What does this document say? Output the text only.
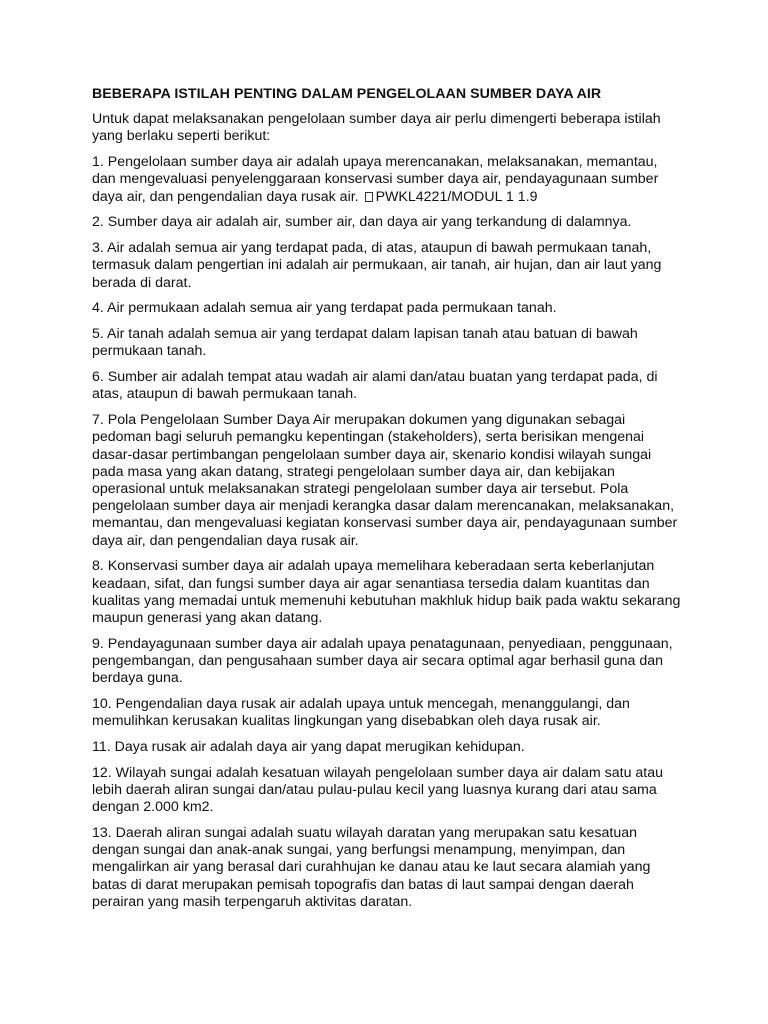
BEBERAPA ISTILAH PENTING DALAM PENGELOLAAN SUMBER DAYA AIR

Untuk dapat melaksanakan pengelolaan sumber daya air perlu dimengerti beberapa istilah yang berlaku seperti berikut:

1. Pengelolaan sumber daya air adalah upaya merencanakan, melaksanakan, memantau, dan mengevaluasi penyelenggaraan konservasi sumber daya air, pendayagunaan sumber daya air, dan pengendalian daya rusak air. PWKL4221/MODUL 1 1.9

2. Sumber daya air adalah air, sumber air, dan daya air yang terkandung di dalamnya.

3. Air adalah semua air yang terdapat pada, di atas, ataupun di bawah permukaan tanah, termasuk dalam pengertian ini adalah air permukaan, air tanah, air hujan, dan air laut yang berada di darat.

4. Air permukaan adalah semua air yang terdapat pada permukaan tanah.

5. Air tanah adalah semua air yang terdapat dalam lapisan tanah atau batuan di bawah permukaan tanah.

6. Sumber air adalah tempat atau wadah air alami dan/atau buatan yang terdapat pada, di atas, ataupun di bawah permukaan tanah.

7. Pola Pengelolaan Sumber Daya Air merupakan dokumen yang digunakan sebagai pedoman bagi seluruh pemangku kepentingan (stakeholders), serta berisikan mengenai dasar-dasar pertimbangan pengelolaan sumber daya air, skenario kondisi wilayah sungai pada masa yang akan datang, strategi pengelolaan sumber daya air, dan kebijakan operasional untuk melaksanakan strategi pengelolaan sumber daya air tersebut. Pola pengelolaan sumber daya air menjadi kerangka dasar dalam merencanakan, melaksanakan, memantau, dan mengevaluasi kegiatan konservasi sumber daya air, pendayagunaan sumber daya air, dan pengendalian daya rusak air.

8. Konservasi sumber daya air adalah upaya memelihara keberadaan serta keberlanjutan keadaan, sifat, dan fungsi sumber daya air agar senantiasa tersedia dalam kuantitas dan kualitas yang memadai untuk memenuhi kebutuhan makhluk hidup baik pada waktu sekarang maupun generasi yang akan datang.

9. Pendayagunaan sumber daya air adalah upaya penatagunaan, penyediaan, penggunaan, pengembangan, dan pengusahaan sumber daya air secara optimal agar berhasil guna dan berdaya guna.

10. Pengendalian daya rusak air adalah upaya untuk mencegah, menanggulangi, dan memulihkan kerusakan kualitas lingkungan yang disebabkan oleh daya rusak air.

11. Daya rusak air adalah daya air yang dapat merugikan kehidupan.

12. Wilayah sungai adalah kesatuan wilayah pengelolaan sumber daya air dalam satu atau lebih daerah aliran sungai dan/atau pulau-pulau kecil yang luasnya kurang dari atau sama dengan 2.000 km2.

13. Daerah aliran sungai adalah suatu wilayah daratan yang merupakan satu kesatuan dengan sungai dan anak-anak sungai, yang berfungsi menampung, menyimpan, dan mengalirkan air yang berasal dari curahhujan ke danau atau ke laut secara alamiah yang batas di darat merupakan pemisah topografis dan batas di laut sampai dengan daerah perairan yang masih terpengaruh aktivitas daratan.
